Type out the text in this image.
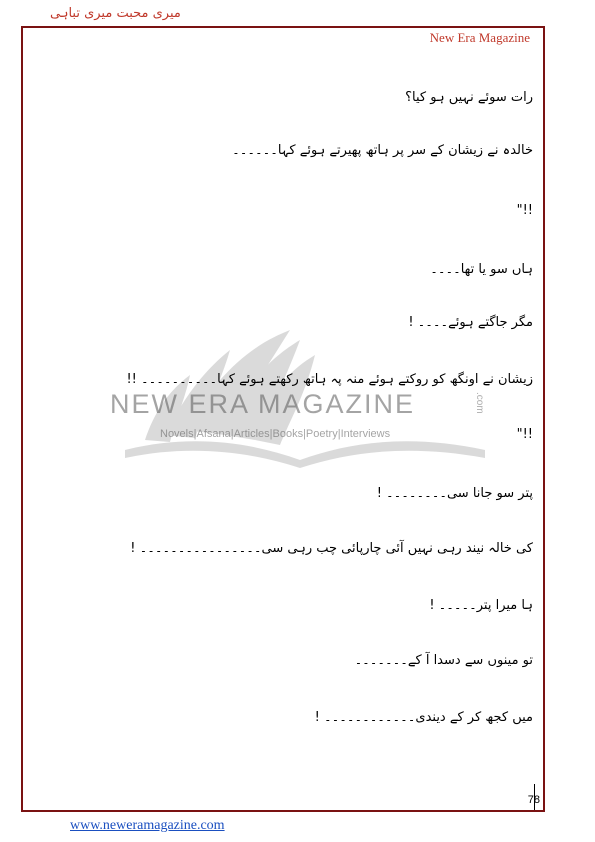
میری محبت میری تباہی
New Era Magazine
NEW ERA MAGAZINE	.com
Novels|Afsana|Articles|Books|Poetry|Interviews
رات سوئے نہیں ہو کیا؟
خالدہ نے زیشان کے سر پر ہاتھ پھیرتے ہوئے کہا۔۔۔۔۔۔
"!!
ہاں سو یا تھا۔۔۔۔
مگر جاگتے ہوئے۔۔۔۔ !
زیشان نے اونگھ کو روکتے ہوئے منہ پہ ہاتھ رکھتے ہوئے کہا۔۔۔۔۔۔۔۔۔۔ !!
"!!
پتر سو جانا سی۔۔۔۔۔۔۔۔ !
کی خالہ نیند رہی نہیں آئی چارپائی چب رہی سی۔۔۔۔۔۔۔۔۔۔۔۔۔۔۔۔ !
ہا میرا پتر۔۔۔۔۔ !
تو مینوں سے دسدا آ کے۔۔۔۔۔۔۔
میں کجھ کر کے دیندی۔۔۔۔۔۔۔۔۔۔۔۔ !
78
www.neweramagazine.com
